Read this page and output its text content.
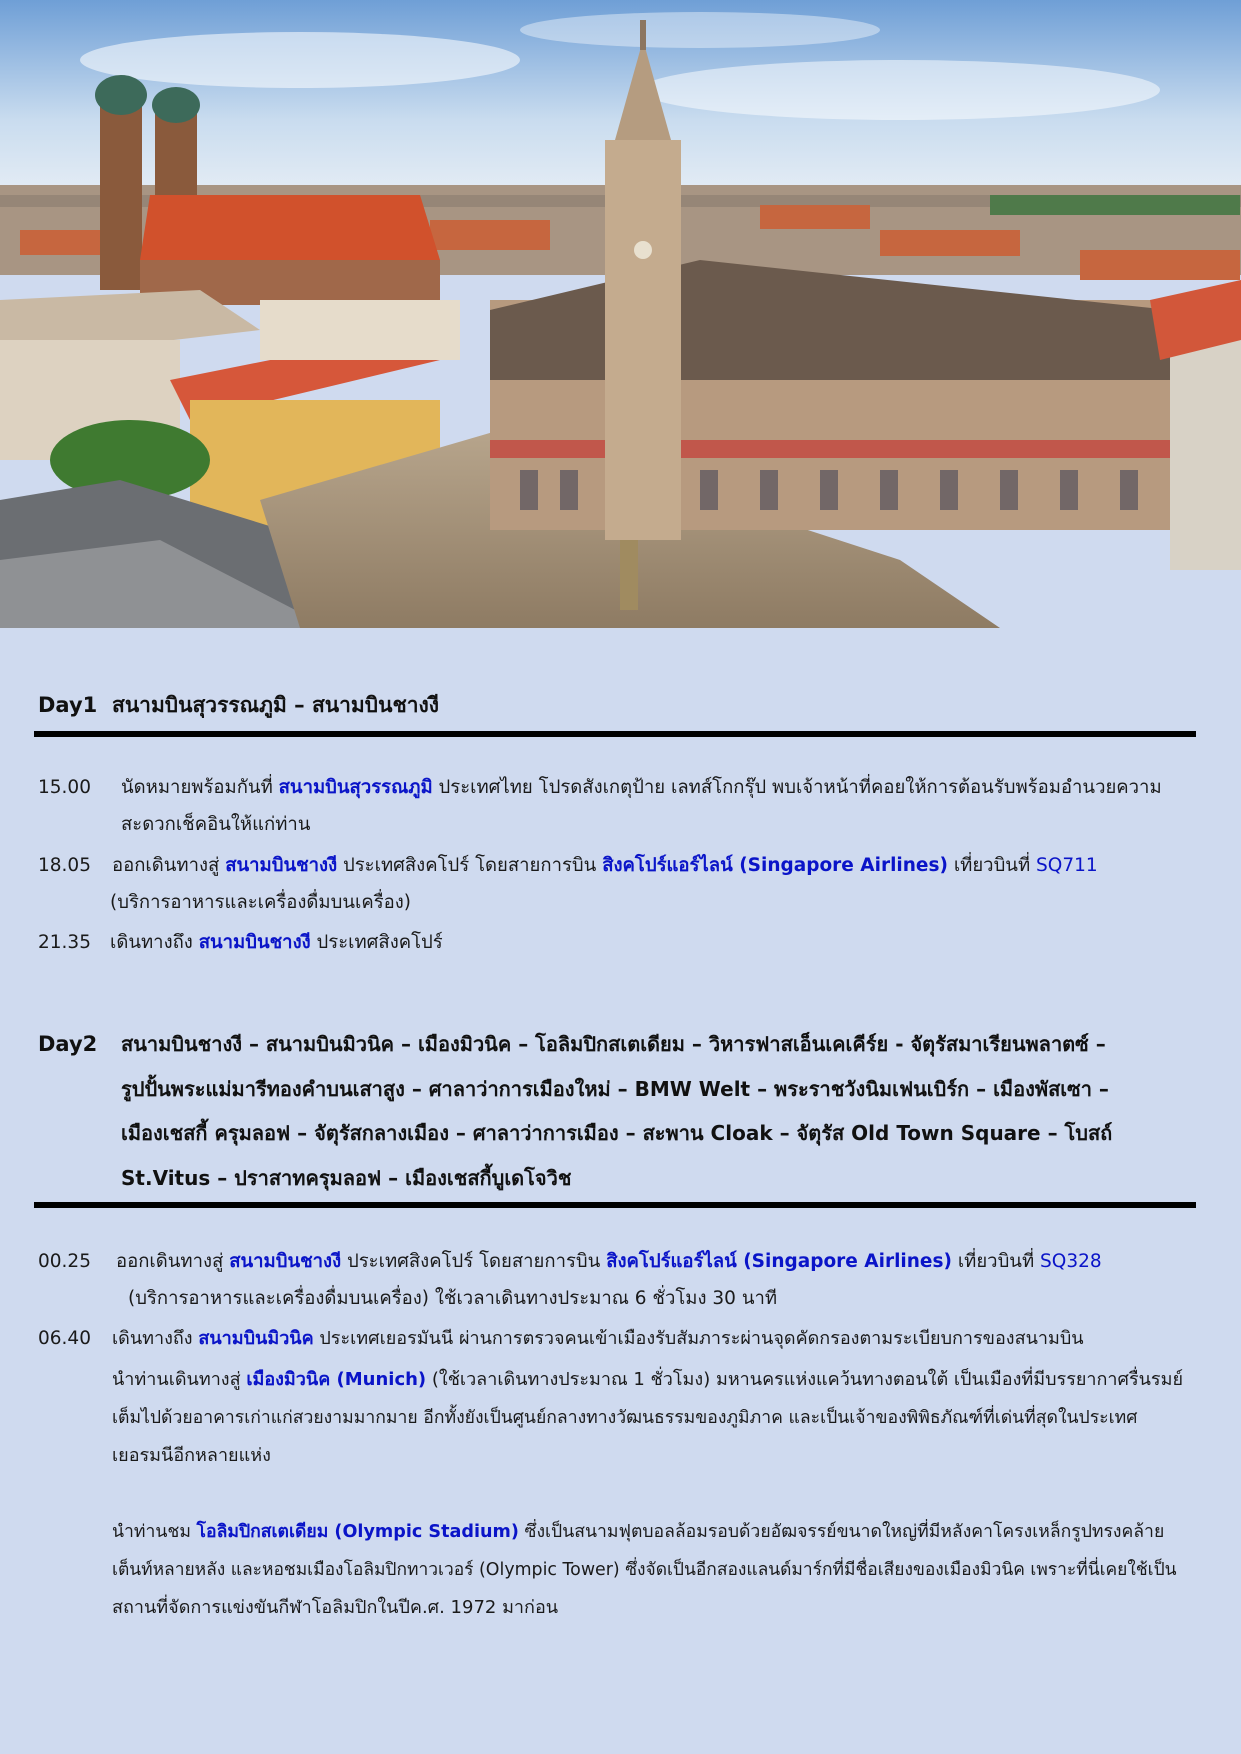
Day1 สนามบินสุวรรณภูมิ – สนามบินชางงี
15.00 นัดหมายพร้อมกันที่ สนามบินสุวรรณภูมิ ประเทศไทย โปรดสังเกตุป้าย เลทส์โกกรุ๊ป พบเจ้าหน้าที่คอยให้การต้อนรับพร้อมอำนวยความ
สะดวกเช็คอินให้แก่ท่าน
18.05 ออกเดินทางสู่ สนามบินชางงี ประเทศสิงคโปร์ โดยสายการบิน สิงคโปร์แอร์ไลน์ (Singapore Airlines) เที่ยวบินที่ SQ711
(บริการอาหารและเครื่องดื่มบนเครื่อง)
21.35 เดินทางถึง สนามบินชางงี ประเทศสิงคโปร์
Day2 สนามบินชางงี – สนามบินมิวนิค – เมืองมิวนิค – โอลิมปิกสเตเดียม – วิหารฟาสเอ็นเคเคีร์ย - จัตุรัสมาเรียนพลาตซ์ –
รูปปั้นพระแม่มารีทองคำบนเสาสูง – ศาลาว่าการเมืองใหม่ – BMW Welt – พระราชวังนิมเฟนเบิร์ก – เมืองพัสเซา –
เมืองเชสกี้ ครุมลอฟ – จัตุรัสกลางเมือง – ศาลาว่าการเมือง – สะพาน Cloak – จัตุรัส Old Town Square – โบสถ์
St.Vitus – ปราสาทครุมลอฟ – เมืองเชสกี้บูเดโจวิช
00.25 ออกเดินทางสู่ สนามบินชางงี ประเทศสิงคโปร์ โดยสายการบิน สิงคโปร์แอร์ไลน์ (Singapore Airlines) เที่ยวบินที่ SQ328
(บริการอาหารและเครื่องดื่มบนเครื่อง) ใช้เวลาเดินทางประมาณ 6 ชั่วโมง 30 นาที
06.40 เดินทางถึง สนามบินมิวนิค ประเทศเยอรมันนี ผ่านการตรวจคนเข้าเมืองรับสัมภาระผ่านจุดคัดกรองตามระเบียบการของสนามบิน
นำท่านเดินทางสู่ เมืองมิวนิค (Munich) (ใช้เวลาเดินทางประมาณ 1 ชั่วโมง) มหานครแห่งแคว้นทางตอนใต้ เป็นเมืองที่มีบรรยากาศรื่นรมย์
เต็มไปด้วยอาคารเก่าแก่สวยงามมากมาย อีกทั้งยังเป็นศูนย์กลางทางวัฒนธรรมของภูมิภาค และเป็นเจ้าของพิพิธภัณฑ์ที่เด่นที่สุดในประเทศ
เยอรมนีอีกหลายแห่ง
นำท่านชม โอลิมปิกสเตเดียม (Olympic Stadium) ซึ่งเป็นสนามฟุตบอลล้อมรอบด้วยอัฒจรรย์ขนาดใหญ่ที่มีหลังคาโครงเหล็กรูปทรงคล้าย
เต็นท์หลายหลัง และหอชมเมืองโอลิมปิกทาวเวอร์ (Olympic Tower) ซึ่งจัดเป็นอีกสองแลนด์มาร์กที่มีชื่อเสียงของเมืองมิวนิค เพราะที่นี่เคยใช้เป็น
สถานที่จัดการแข่งขันกีฬาโอลิมปิกในปีค.ศ. 1972 มาก่อน
